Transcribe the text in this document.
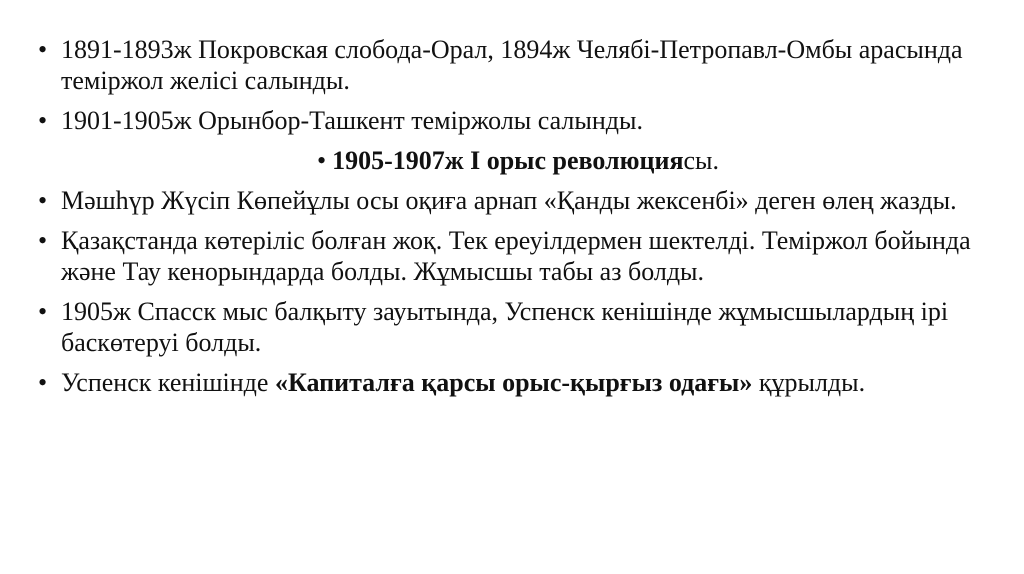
• 1891-1893ж Покровская слобода-Орал, 1894ж Челябі-Петропавл-Омбы арасында теміржол желісі салынды.
• 1901-1905ж Орынбор-Ташкент теміржолы салынды.
• 1905-1907ж I орыс революциясы.
• Мәшһүр Жүсіп Көпейұлы осы оқиға арнап «Қанды жексенбі» деген өлең жазды.
• Қазақстанда көтеріліс болған жоқ. Тек ереуілдермен шектелді. Теміржол бойында және Тау кенорындарда болды. Жұмысшы табы аз болды.
• 1905ж Спасск мыс балқыту зауытында, Успенск кенішінде жұмысшылардың ірі баскөтеруі болды.
• Успенск кенішінде «Капиталға қарсы орыс-қырғыз одағы» құрылды.
